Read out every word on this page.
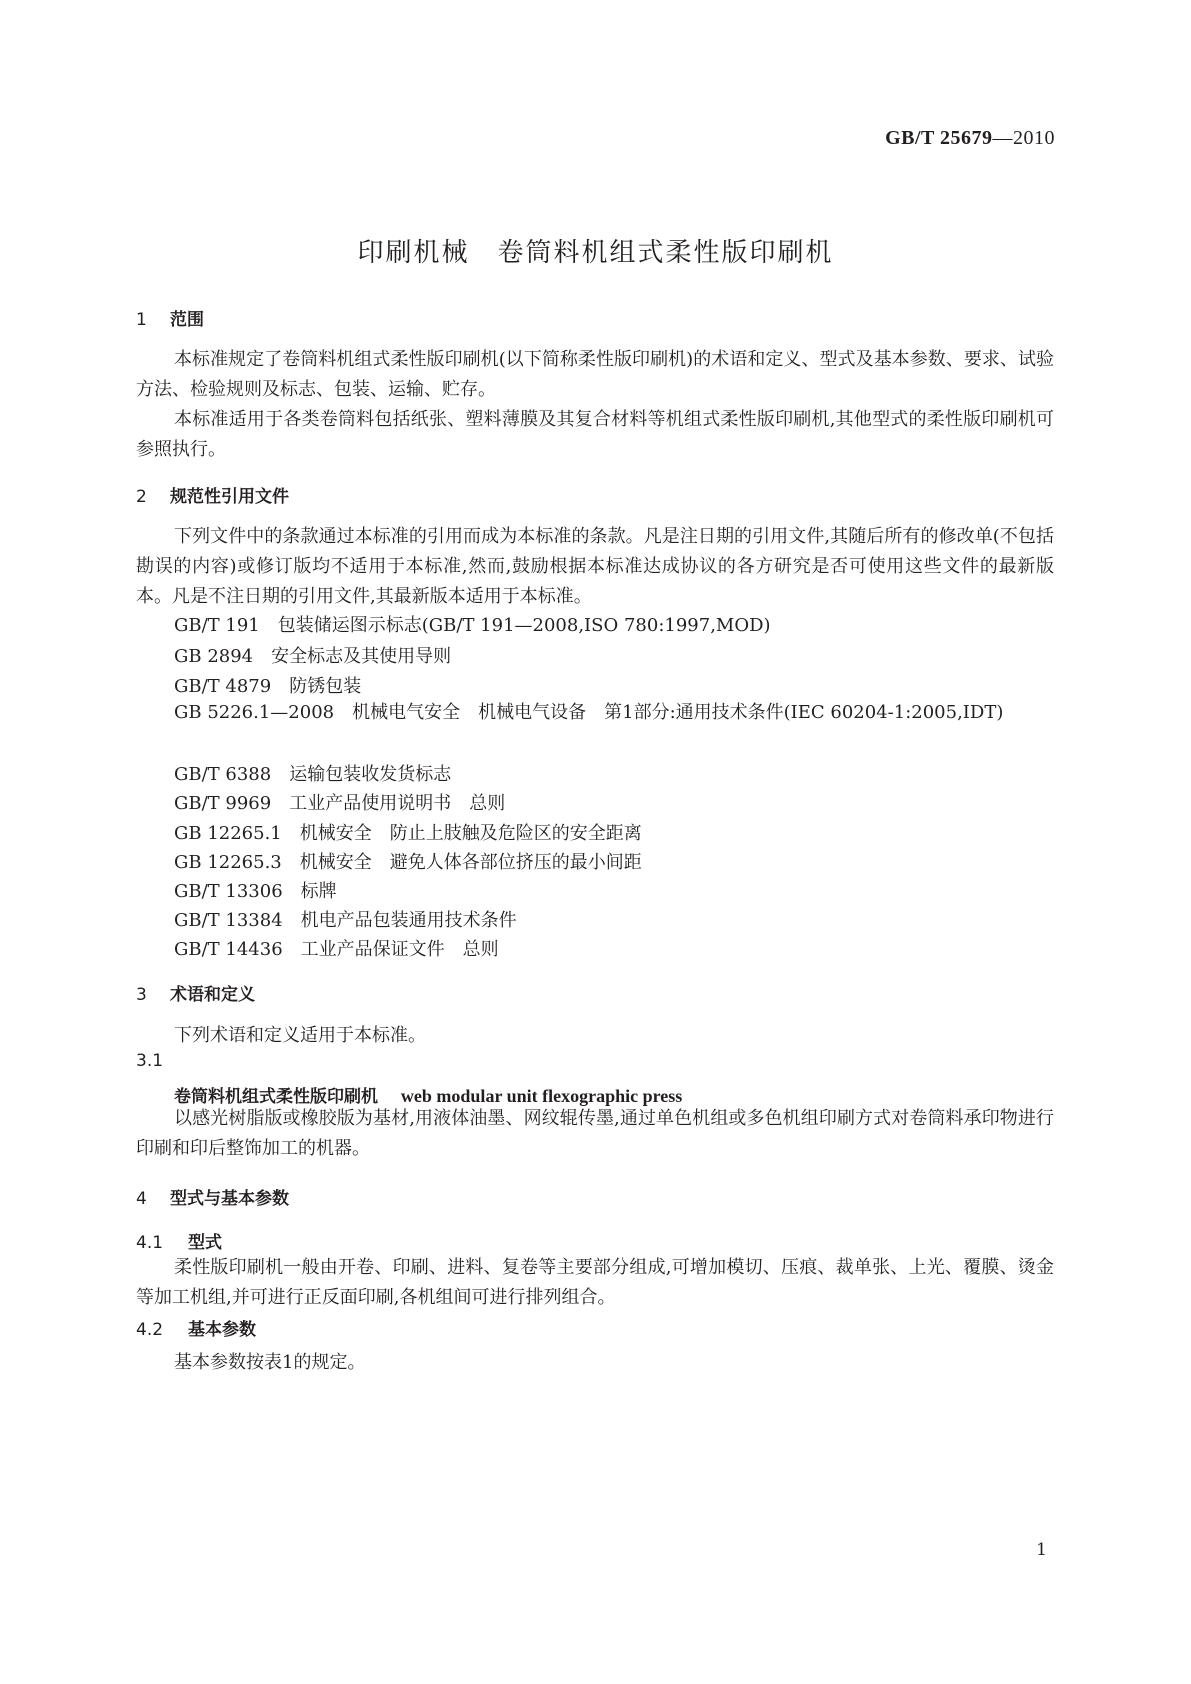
GB/T 25679—2010
印刷机械　卷筒料机组式柔性版印刷机
1 范围
本标准规定了卷筒料机组式柔性版印刷机(以下简称柔性版印刷机)的术语和定义、型式及基本参数、要求、试验方法、检验规则及标志、包装、运输、贮存。
本标准适用于各类卷筒料包括纸张、塑料薄膜及其复合材料等机组式柔性版印刷机,其他型式的柔性版印刷机可参照执行。
2 规范性引用文件
下列文件中的条款通过本标准的引用而成为本标准的条款。凡是注日期的引用文件,其随后所有的修改单(不包括勘误的内容)或修订版均不适用于本标准,然而,鼓励根据本标准达成协议的各方研究是否可使用这些文件的最新版本。凡是不注日期的引用文件,其最新版本适用于本标准。
GB/T 191　包装储运图示标志(GB/T 191—2008,ISO 780:1997,MOD)
GB 2894　安全标志及其使用导则
GB/T 4879　防锈包装
GB 5226.1—2008　机械电气安全　机械电气设备　第1部分:通用技术条件(IEC 60204-1:2005,IDT)
GB/T 6388　运输包装收发货标志
GB/T 9969　工业产品使用说明书　总则
GB 12265.1　机械安全　防止上肢触及危险区的安全距离
GB 12265.3　机械安全　避免人体各部位挤压的最小间距
GB/T 13306　标牌
GB/T 13384　机电产品包装通用技术条件
GB/T 14436　工业产品保证文件　总则
3 术语和定义
下列术语和定义适用于本标准。
3.1
卷筒料机组式柔性版印刷机　 web modular unit flexographic press
以感光树脂版或橡胶版为基材,用液体油墨、网纹辊传墨,通过单色机组或多色机组印刷方式对卷筒料承印物进行印刷和印后整饰加工的机器。
4 型式与基本参数
4.1 型式
柔性版印刷机一般由开卷、印刷、进料、复卷等主要部分组成,可增加模切、压痕、裁单张、上光、覆膜、烫金等加工机组,并可进行正反面印刷,各机组间可进行排列组合。
4.2 基本参数
基本参数按表1的规定。
1
